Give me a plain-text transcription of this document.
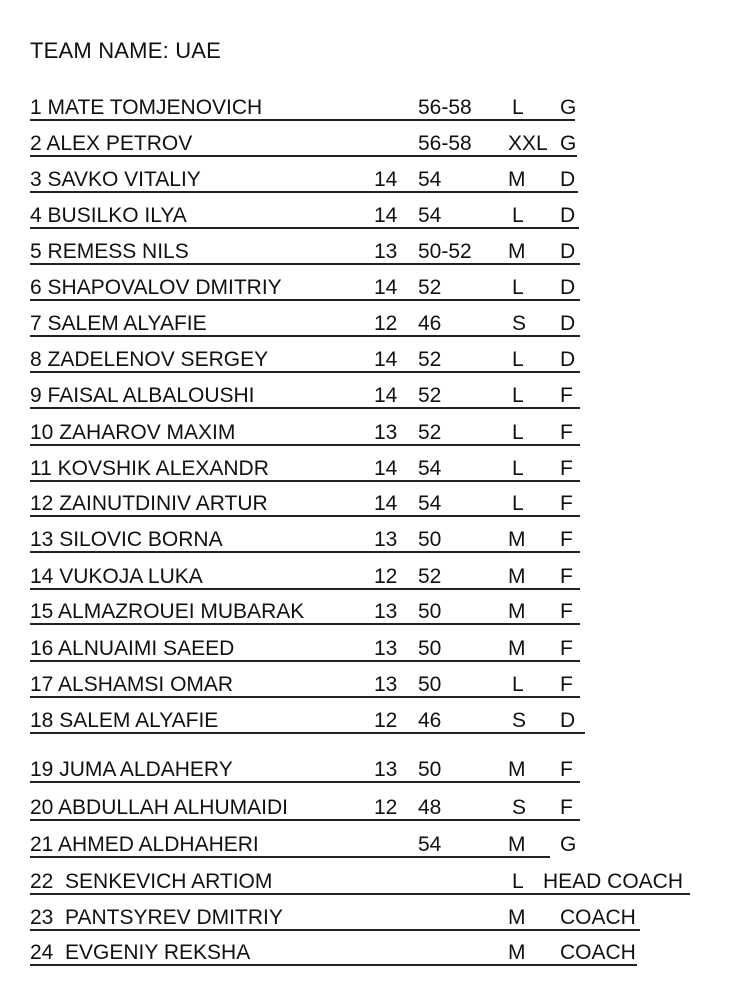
TEAM NAME: UAE
1 MATE TOMJENOVICH	56-58 L G
2 ALEX PETROV	56-58 XXL G
3 SAVKO VITALIY	14 54	M D
4 BUSILKO ILYA	14 54	L D
5 REMESS NILS	13 50-52 M D
6 SHAPOVALOV DMITRIY	14 52	L D
7 SALEM ALYAFIE	12 46	S D
8 ZADELENOV SERGEY	14 52	L D
9 FAISAL ALBALOUSHI	14 52	L F
10 ZAHAROV MAXIM	13 52	L F
11 KOVSHIK ALEXANDR	14 54	L F
12 ZAINUTDINIV ARTUR	14 54	L F
13 SILOVIC BORNA	13 50	M F
14 VUKOJA LUKA	12 52	M F
15 ALMAZROUEI MUBARAK	13 50	M F
16 ALNUAIMI SAEED	13 50	M F
17 ALSHAMSI OMAR	13 50	L F
18 SALEM ALYAFIE	12 46	S D
19 JUMA ALDAHERY	13 50	M F
20 ABDULLAH ALHUMAIDI	12 48	S F
21 AHMED ALDHAHERI	54	M G
22  SENKEVICH ARTIOM	L HEAD COACH
23  PANTSYREV DMITRIY	M COACH
24  EVGENIY REKSHA	M COACH
